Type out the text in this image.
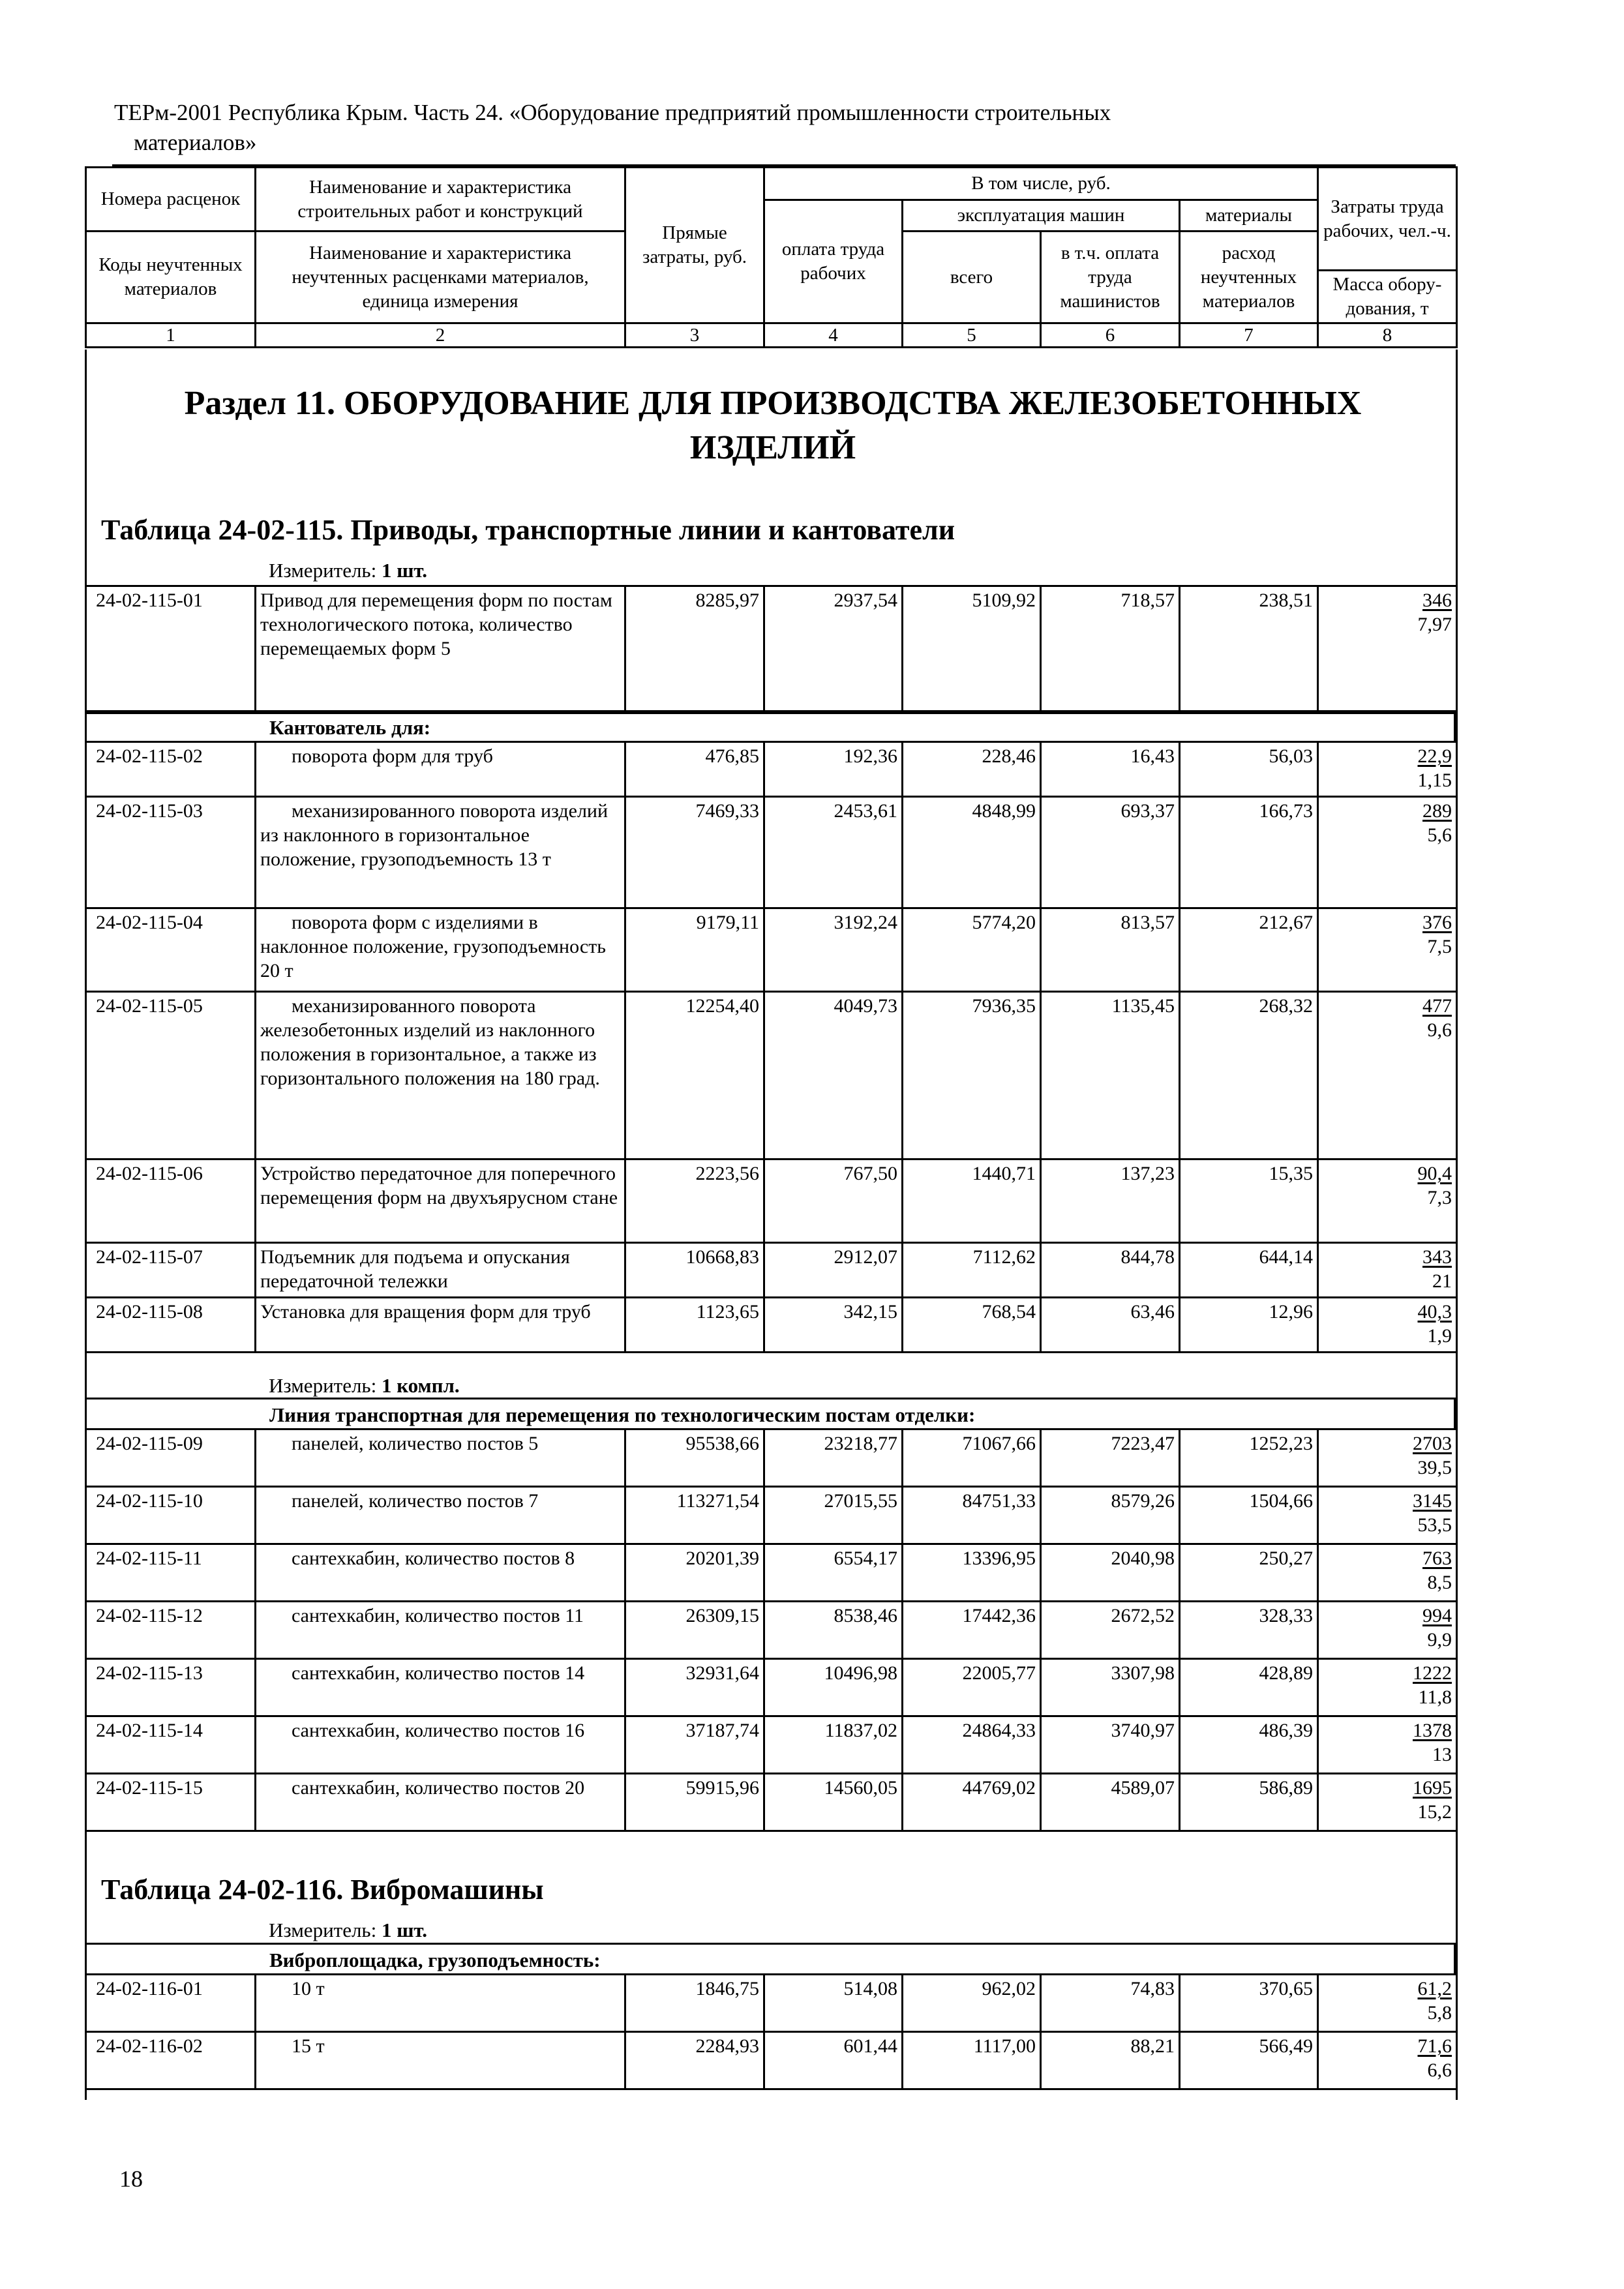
ТЕРм-2001 Республика Крым. Часть 24. «Оборудование предприятий промышленности строительных
материалов»
Номера расценок	Наименование и характеристика строительных работ и конструкций	Прямые затраты, руб.	В том числе, руб.				Затраты труда рабочих, чел.-ч.
			оплата труда рабочих	эксплуатация машин		материалы	
Коды неучтенных материалов	Наименование и характеристика неучтенных расценками материалов, единица измерения			всего	в т.ч. оплата труда машинистов	расход неучтенных материалов	
							Масса обору-дования, т
1	2	3	4	5	6	7	8
Раздел 11. ОБОРУДОВАНИЕ ДЛЯ ПРОИЗВОДСТВА ЖЕЛЕЗОБЕТОННЫХ ИЗДЕЛИЙ
Таблица 24-02-115. Приводы, транспортные линии и кантователи
Измеритель: 1 шт.
24-02-115-01	Привод для перемещения форм по постам технологического потока, количество перемещаемых форм 5	8285,97	2937,54	5109,92	718,57	238,51	$\frac{346}{7,97}$
Кантователь для:
24-02-115-02	поворота форм для труб	476,85	192,36	228,46	16,43	56,03	$\frac{22,9}{1,15}$

24-02-115-03	механизированного поворота изделий из наклонного в горизонтальное положение, грузоподъемность 13 т	7469,33	2453,61	4848,99	693,37	166,73	$\frac{289}{5,6}$

24-02-115-04	поворота форм с изделиями в наклонное положение, грузоподъемность 20 т	9179,11	3192,24	5774,20	813,57	212,67	$\frac{376}{7,5}$

24-02-115-05	механизированного поворота железобетонных изделий из наклонного положения в горизонтальное, а также из горизонтального положения на 180 град.	12254,40	4049,73	7936,35	1135,45	268,32	$\frac{477}{9,6}$

24-02-115-06	Устройство передаточное для поперечного перемещения форм на двухъярусном стане	2223,56	767,50	1440,71	137,23	15,35	$\frac{90,4}{7,3}$

24-02-115-07	Подъемник для подъема и опускания передаточной тележки	10668,83	2912,07	7112,62	844,78	644,14	$\frac{343}{21}$

24-02-115-08	Установка для вращения форм для труб	1123,65	342,15	768,54	63,46	12,96	$\frac{40,3}{1,9}$
Измеритель: 1 компл.
Линия транспортная для перемещения по технологическим постам отделки:
24-02-115-09	панелей, количество постов 5	95538,66	23218,77	71067,66	7223,47	1252,23	$\frac{2703}{39,5}$

24-02-115-10	панелей, количество постов 7	113271,54	27015,55	84751,33	8579,26	1504,66	$\frac{3145}{53,5}$

24-02-115-11	сантехкабин, количество постов 8	20201,39	6554,17	13396,95	2040,98	250,27	$\frac{763}{8,5}$

24-02-115-12	сантехкабин, количество постов 11	26309,15	8538,46	17442,36	2672,52	328,33	$\frac{994}{9,9}$

24-02-115-13	сантехкабин, количество постов 14	32931,64	10496,98	22005,77	3307,98	428,89	$\frac{1222}{11,8}$

24-02-115-14	сантехкабин, количество постов 16	37187,74	11837,02	24864,33	3740,97	486,39	$\frac{1378}{13}$

24-02-115-15	сантехкабин, количество постов 20	59915,96	14560,05	44769,02	4589,07	586,89	$\frac{1695}{15,2}$
Таблица 24-02-116. Вибромашины
Измеритель: 1 шт.
Виброплощадка, грузоподъемность:
24-02-116-01	10 т	1846,75	514,08	962,02	74,83	370,65	$\frac{61,2}{5,8}$

24-02-116-02	15 т	2284,93	601,44	1117,00	88,21	566,49	$\frac{71,6}{6,6}$
18
